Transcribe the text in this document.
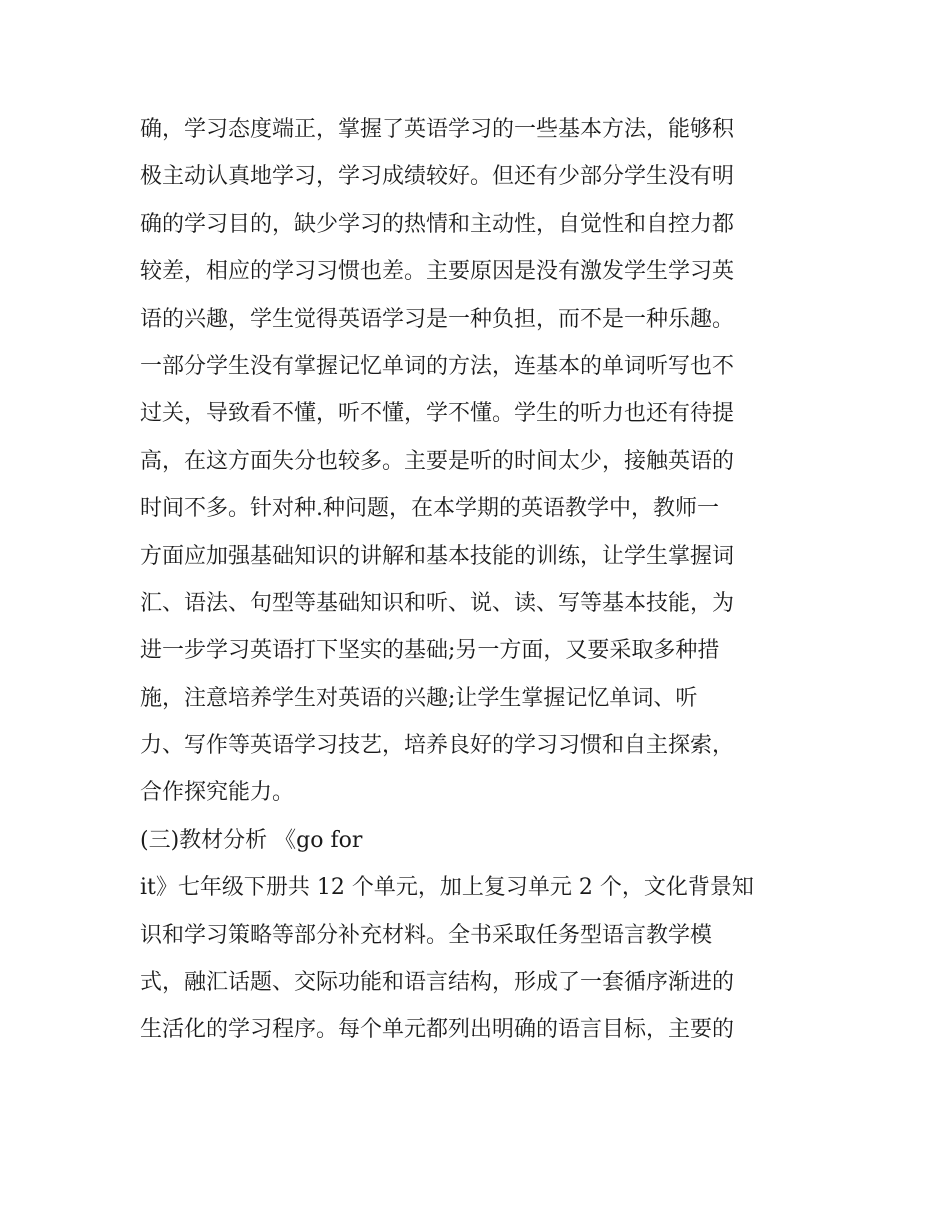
确，学习态度端正，掌握了英语学习的一些基本方法，能够积
极主动认真地学习，学习成绩较好。但还有少部分学生没有明
确的学习目的，缺少学习的热情和主动性，自觉性和自控力都
较差，相应的学习习惯也差。主要原因是没有激发学生学习英
语的兴趣，学生觉得英语学习是一种负担，而不是一种乐趣。
一部分学生没有掌握记忆单词的方法，连基本的单词听写也不
过关，导致看不懂，听不懂，学不懂。学生的听力也还有待提
高，在这方面失分也较多。主要是听的时间太少，接触英语的
时间不多。针对种.种问题，在本学期的英语教学中，教师一
方面应加强基础知识的讲解和基本技能的训练，让学生掌握词
汇、语法、句型等基础知识和听、说、读、写等基本技能，为
进一步学习英语打下坚实的基础;另一方面，又要采取多种措
施，注意培养学生对英语的兴趣;让学生掌握记忆单词、听
力、写作等英语学习技艺，培养良好的学习习惯和自主探索，
合作探究能力。
(三)教材分析 《go for
it》七年级下册共 12 个单元，加上复习单元 2 个，文化背景知
识和学习策略等部分补充材料。全书采取任务型语言教学模
式，融汇话题、交际功能和语言结构，形成了一套循序渐进的
生活化的学习程序。每个单元都列出明确的语言目标，主要的
